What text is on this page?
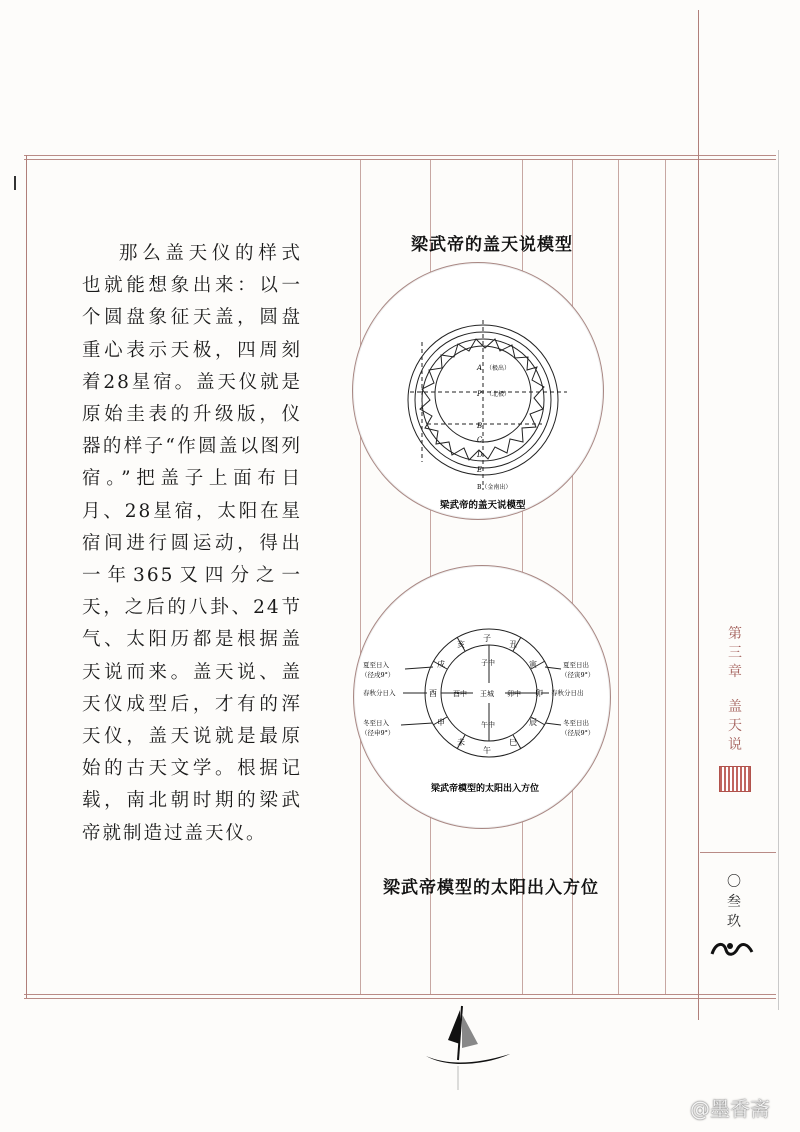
那么盖天仪的样式也就能想象出来：以一个圆盘象征天盖，圆盘重心表示天极，四周刻着28星宿。盖天仪就是原始圭表的升级版，仪器的样子“作圆盖以图列宿。”把盖子上面布日月、28星宿，太阳在星宿间进行圆运动，得出一年365又四分之一天，之后的八卦、24节气、太阳历都是根据盖天说而来。盖天说、盖天仪成型后，才有的浑天仪，盖天说就是最原始的古天文学。根据记载，南北朝时期的梁武帝就制造过盖天仪。

梁武帝的盖天说模型
A （极出）
P （北极）
B
C
D
E
B（金南出）
梁武帝的盖天说模型
子
丑
寅
卯
辰
巳
午
未
申
酉
戌
亥
子中
午中
酉中	卯中
王城
夏至日入
（径戌9°）
春秋分日入
冬至日入
（径申9°）
夏至日出
（径寅9°）
春秋分日出
冬至日出
（径辰9°）
梁武帝模型的太阳出入方位
梁武帝模型的太阳出入方位
第
三
章
盖
天
说
〇
叁
玖
@墨香斋
